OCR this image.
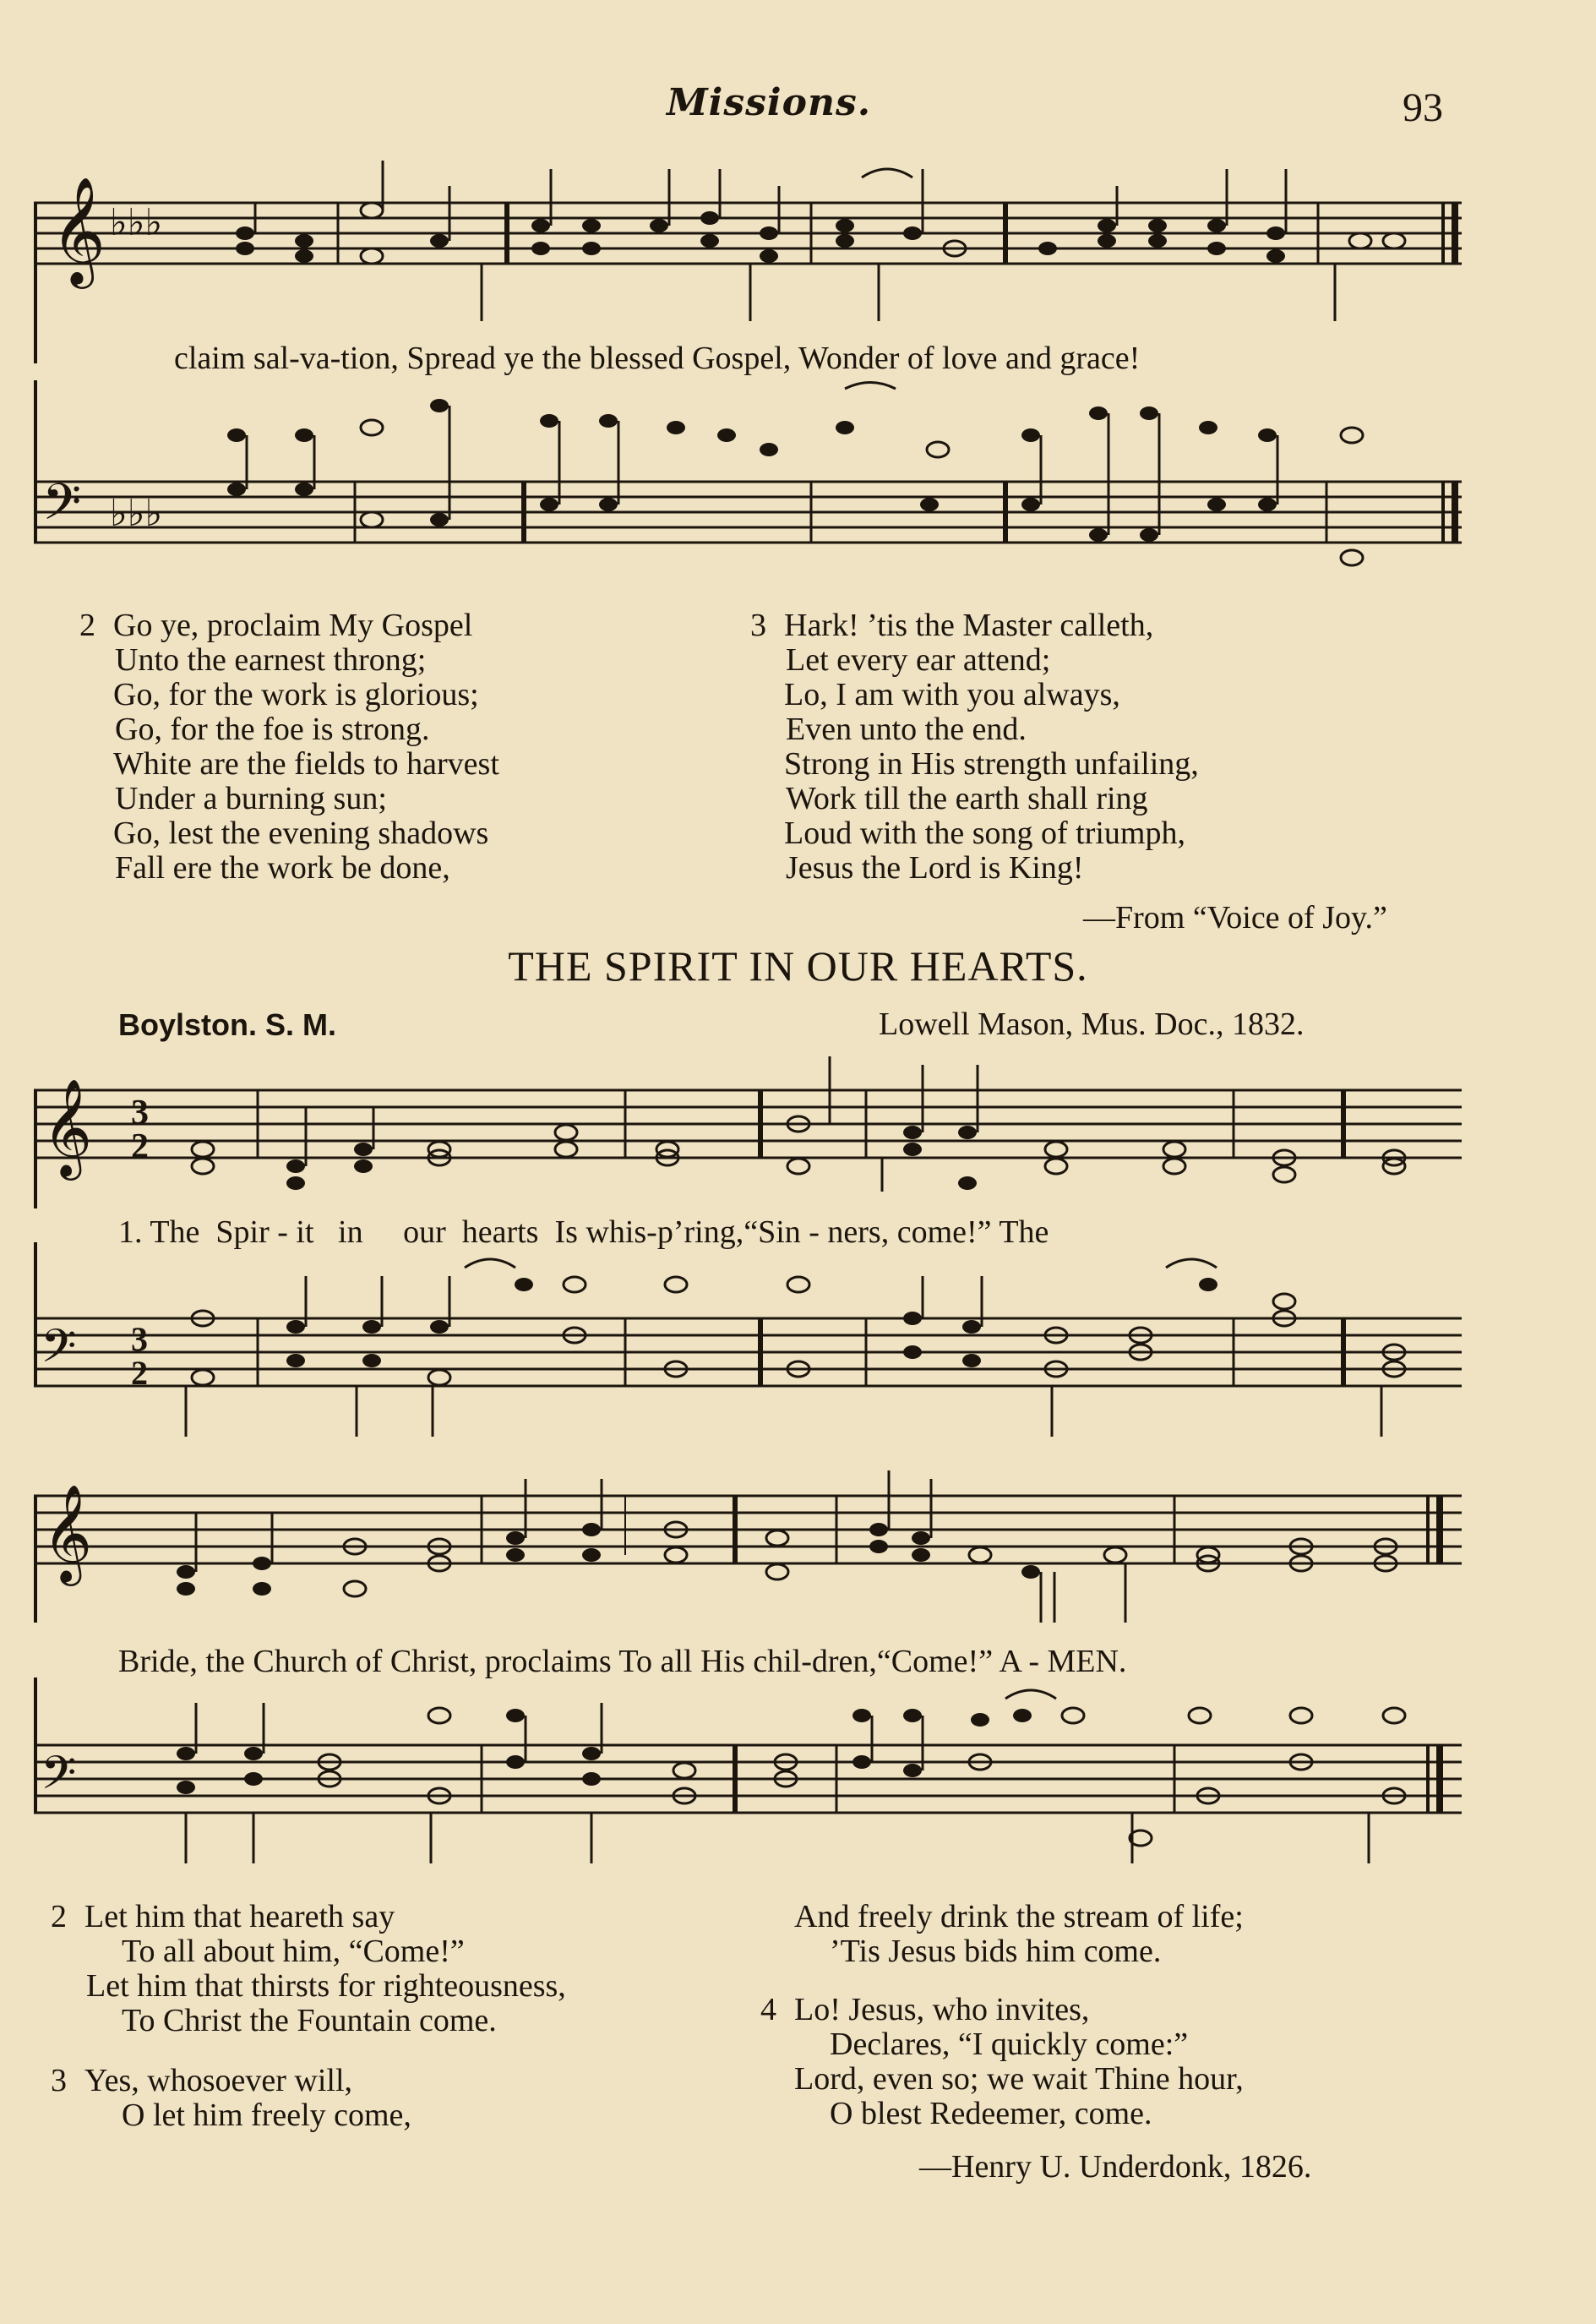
Missions.	93
𝄞 ♭♭♭
claim sal-va-tion, Spread ye the blessed Gospel, Wonder of love and grace!
𝄢 ♭♭♭
2 Go ye, proclaim My Gospel
Unto the earnest throng;
Go, for the work is glorious;
Go, for the foe is strong.
White are the fields to harvest
Under a burning sun;
Go, lest the evening shadows
Fall ere the work be done,
3 Hark! ’tis the Master calleth,
Let every ear attend;
Lo, I am with you always,
Even unto the end.
Strong in His strength unfailing,
Work till the earth shall ring
Loud with the song of triumph,
Jesus the Lord is King!
—From “Voice of Joy.”
THE SPIRIT IN OUR HEARTS.
Boylston. S. M.	Lowell Mason, Mus. Doc., 1832.
𝄞 3
2
1. The  Spir - it   in     our  hearts  Is whis-p’ring,“Sin - ners, come!” The
𝄢 3
2
𝄞
Bride, the Church of Christ, proclaims To all His chil-dren,“Come!” A - MEN.
𝄢
2 Let him that heareth say
To all about him, “Come!”
Let him that thirsts for righteousness,
To Christ the Fountain come.
3 Yes, whosoever will,
O let him freely come,
And freely drink the stream of life;
’Tis Jesus bids him come.
4 Lo! Jesus, who invites,
Declares, “I quickly come:”
Lord, even so; we wait Thine hour,
O blest Redeemer, come.
—Henry U. Underdonk, 1826.
